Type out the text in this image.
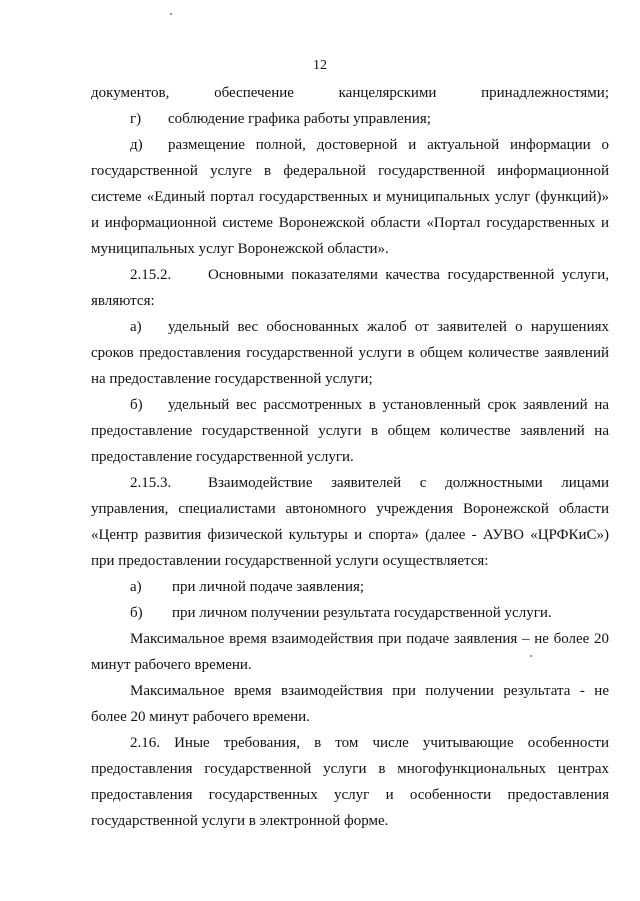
12
документов, обеспечение канцелярскими принадлежностями;
г) соблюдение графика работы управления;
д) размещение полной, достоверной и актуальной информации о
государственной услуге в федеральной государственной информационной
системе «Единый портал государственных и муниципальных услуг (функций)»
и информационной системе Воронежской области «Портал государственных и
муниципальных услуг Воронежской области».
2.15.2. Основными показателями качества государственной услуги,
являются:
а) удельный вес обоснованных жалоб от заявителей о нарушениях
сроков предоставления государственной услуги в общем количестве заявлений
на предоставление государственной услуги;
б) удельный вес рассмотренных в установленный срок заявлений на
предоставление государственной услуги в общем количестве заявлений на
предоставление государственной услуги.
2.15.3. Взаимодействие заявителей с должностными лицами
управления, специалистами автономного учреждения Воронежской области
«Центр развития физической культуры и спорта» (далее - АУВО «ЦРФКиС»)
при предоставлении государственной услуги осуществляется:
а) при личной подаче заявления;
б) при личном получении результата государственной услуги.
Максимальное время взаимодействия при подаче заявления – не более 20
минут рабочего времени.
Максимальное время взаимодействия при получении результата - не
более 20 минут рабочего времени.
2.16. Иные требования, в том числе учитывающие особенности
предоставления государственной услуги в многофункциональных центрах
предоставления государственных услуг и особенности предоставления
государственной услуги в электронной форме.
